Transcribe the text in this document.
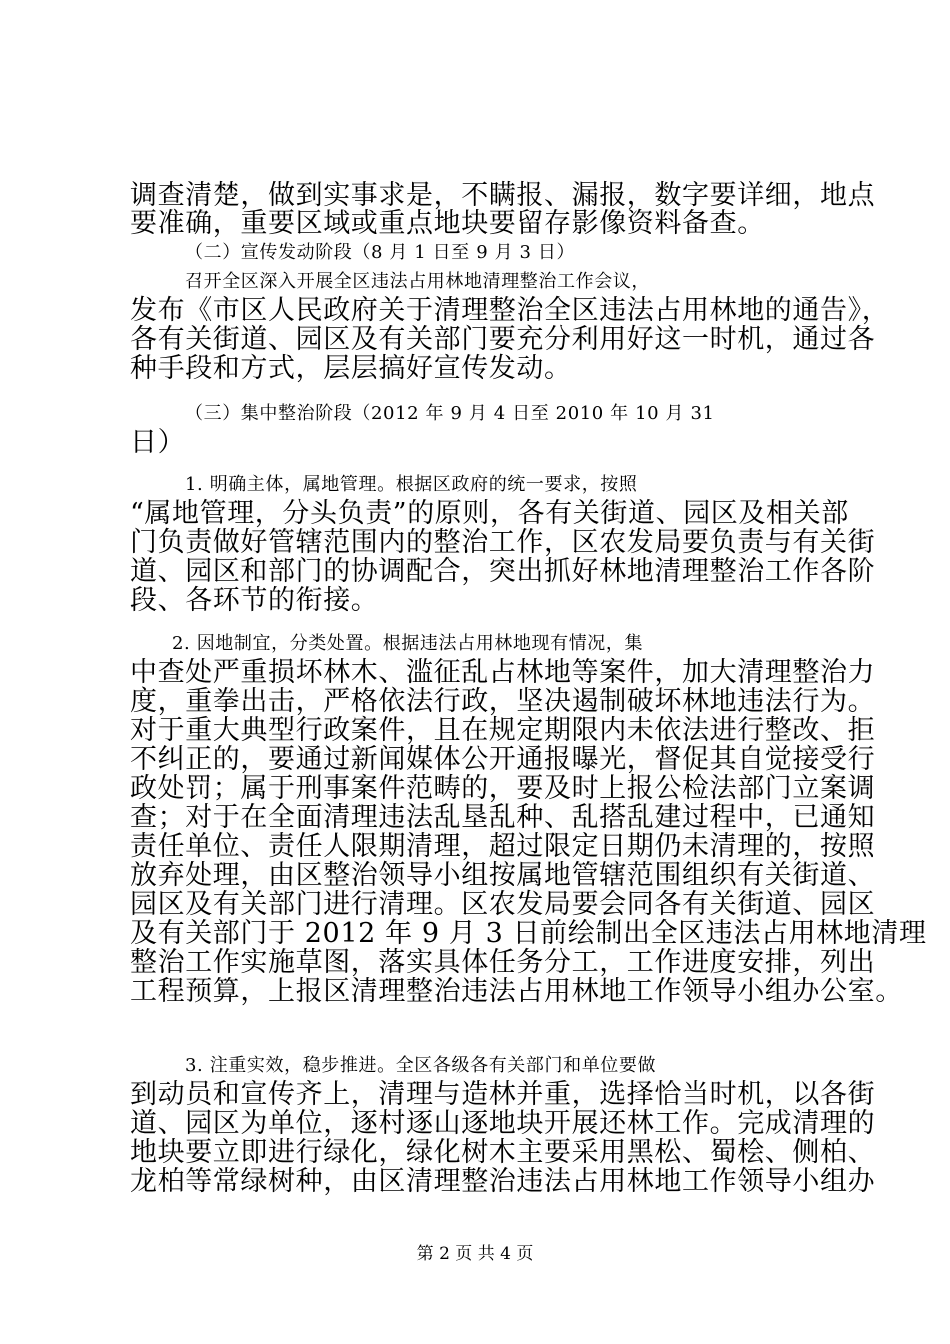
调查清楚，做到实事求是，不瞒报、漏报，数字要详细，地点
要准确，重要区域或重点地块要留存影像资料备查。
（二）宣传发动阶段（8 月 1 日至 9 月 3 日）
召开全区深入开展全区违法占用林地清理整治工作会议，
发布《市区人民政府关于清理整治全区违法占用林地的通告》，
各有关街道、园区及有关部门要充分利用好这一时机，通过各
种手段和方式，层层搞好宣传发动。
（三）集中整治阶段（2012 年 9 月 4 日至 2010 年 10 月 31
日）
1. 明确主体，属地管理。根据区政府的统一要求，按照
“属地管理，分头负责”的原则，各有关街道、园区及相关部
门负责做好管辖范围内的整治工作，区农发局要负责与有关街
道、园区和部门的协调配合，突出抓好林地清理整治工作各阶
段、各环节的衔接。
2. 因地制宜，分类处置。根据违法占用林地现有情况，集
中查处严重损坏林木、滥征乱占林地等案件，加大清理整治力
度，重拳出击，严格依法行政，坚决遏制破坏林地违法行为。
对于重大典型行政案件，且在规定期限内未依法进行整改、拒
不纠正的，要通过新闻媒体公开通报曝光，督促其自觉接受行
政处罚；属于刑事案件范畴的，要及时上报公检法部门立案调
查；对于在全面清理违法乱垦乱种、乱搭乱建过程中，已通知
责任单位、责任人限期清理，超过限定日期仍未清理的，按照
放弃处理，由区整治领导小组按属地管辖范围组织有关街道、
园区及有关部门进行清理。区农发局要会同各有关街道、园区
及有关部门于 2012 年 9 月 3 日前绘制出全区违法占用林地清理
整治工作实施草图，落实具体任务分工，工作进度安排，列出
工程预算，上报区清理整治违法占用林地工作领导小组办公室。
3. 注重实效，稳步推进。全区各级各有关部门和单位要做
到动员和宣传齐上，清理与造林并重，选择恰当时机，以各街
道、园区为单位，逐村逐山逐地块开展还林工作。完成清理的
地块要立即进行绿化，绿化树木主要采用黑松、蜀桧、侧柏、
龙柏等常绿树种，由区清理整治违法占用林地工作领导小组办
第 2 页 共 4 页
